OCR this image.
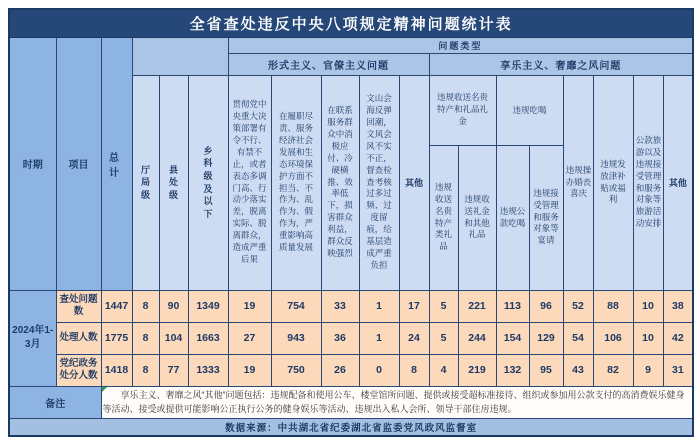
全省查处违反中央八项规定精神问题统计表																		
时期	项目	总计				问题类型												
						形式主义、官僚主义问题					享乐主义、奢靡之风问题							
			厅局级	县处级	乡科级及以下	贯彻党中央重大决策部署有令不行、有禁不止，或者表态多调门高、行动少落实差，脱离实际、脱离群众，造成严重后果	在履职尽责、服务经济社会发展和生态环境保护方面不担当、不作为、乱作为、假作为，严重影响高质量发展	在联系服务群众中消极应付、冷硬横推、效率低下，损害群众利益，群众反映强烈	文山会海反弹回潮，文风会风不实不正，督查检查考核过多过频、过度留痕，给基层造成严重负担	其他	违规收送名贵特产和礼品礼金		违规吃喝		违规操办婚丧喜庆	违规发放津补贴或福利	公款旅游以及违规接受管理和服务对象等旅游活动安排	其他
											违规收送名贵特产类礼品	违规收送礼金和其他礼品	违规公款吃喝	违规接受管理和服务对象等宴请				
2024年1-3月	查处问题数	1447	8	90	1349	19	754	33	1	17	5	221	113	96	52	88	10	38
	处理人数	1775	8	104	1663	27	943	36	1	24	5	244	154	129	54	106	10	42
	党纪政务处分人数	1418	8	77	1333	19	750	26	0	8	4	219	132	95	43	82	9	31
备注		享乐主义、奢靡之风“其他”问题包括：违规配备和使用公车、楼堂馆所问题、提供或接受超标准接待、组织或参加用公款支付的高消费娱乐健身等活动、接受或提供可能影响公正执行公务的健身娱乐等活动、违规出入私人会所、领导干部住房违规。																

数据来源：中共湖北省纪委湖北省监委党风政风监督室																		
